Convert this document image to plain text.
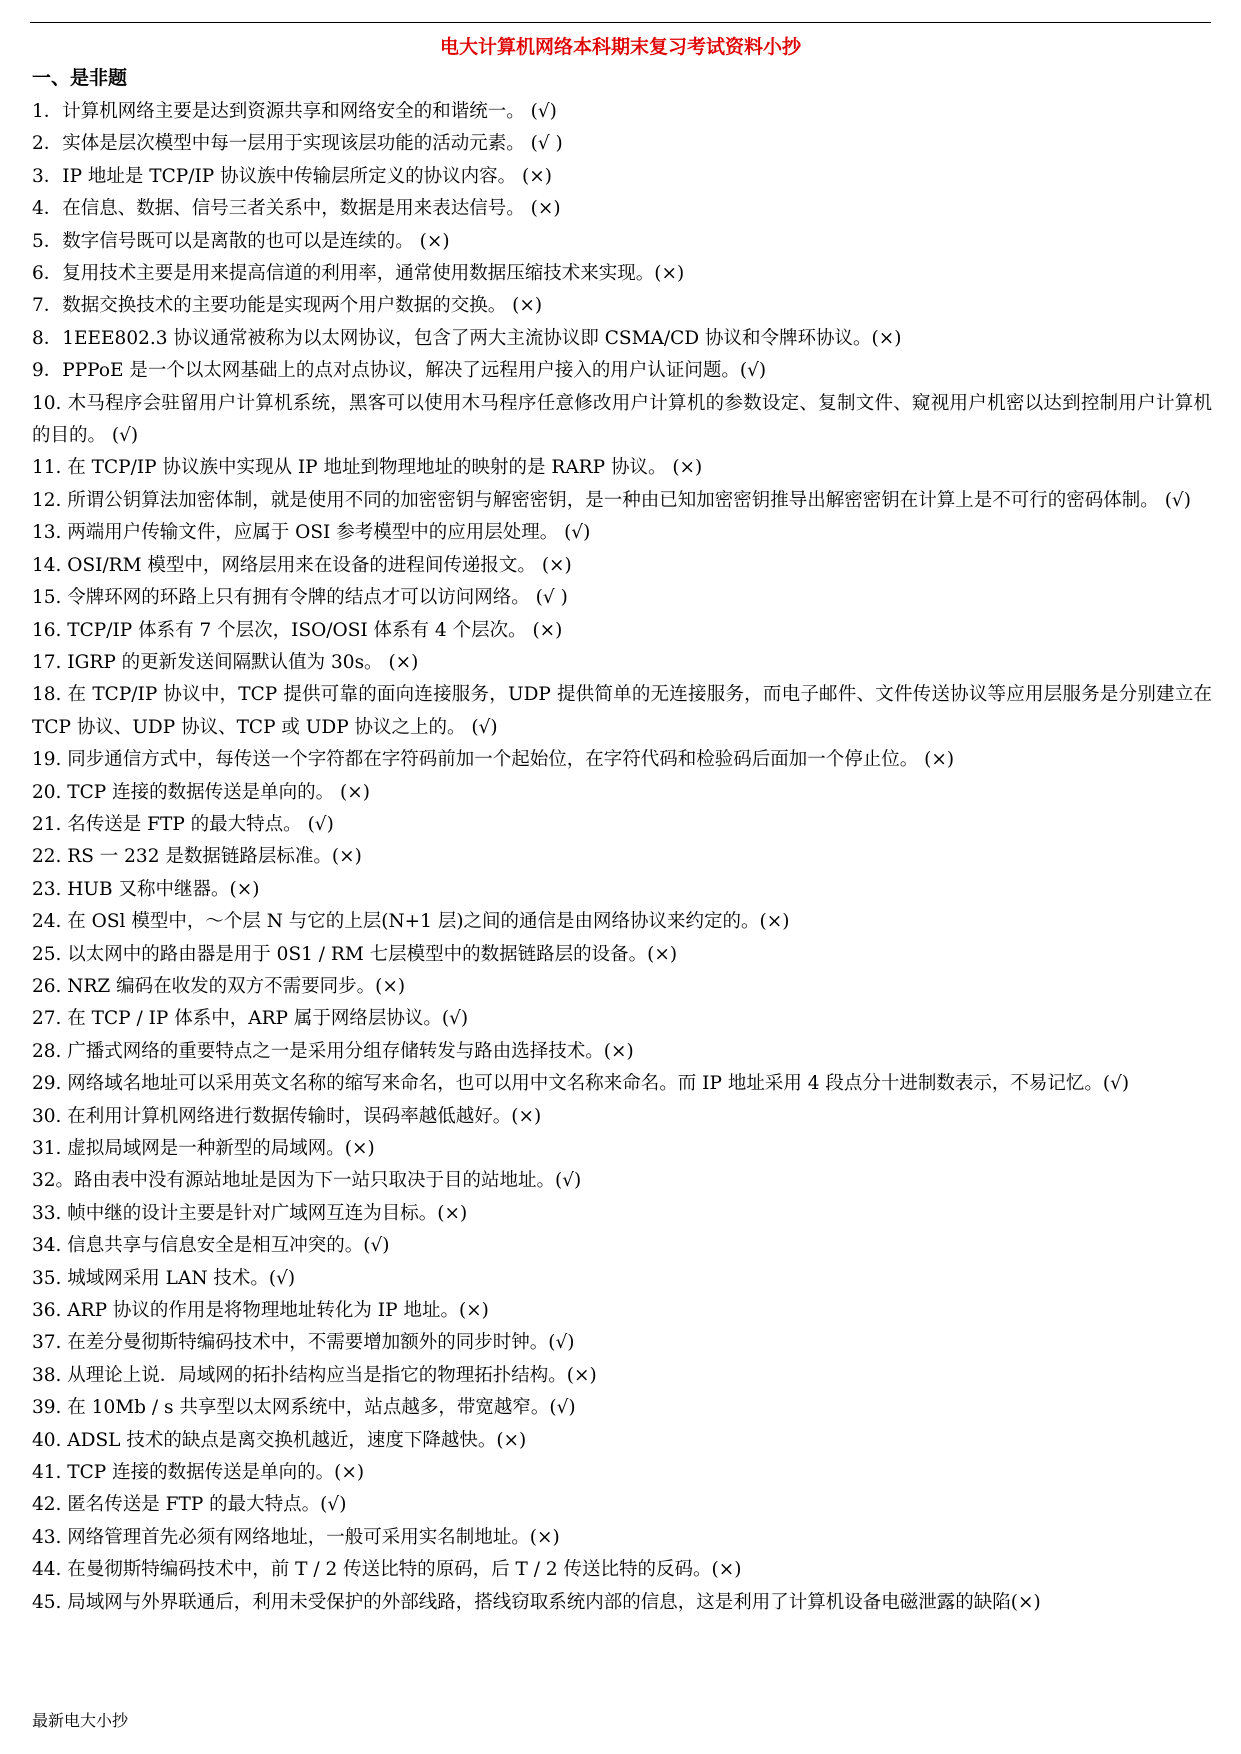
电大计算机网络本科期末复习考试资料小抄
一、是非题
1．计算机网络主要是达到资源共享和网络安全的和谐统一。 (√)
2．实体是层次模型中每一层用于实现该层功能的活动元素。 (√ )
3．IP 地址是 TCP/IP 协议族中传输层所定义的协议内容。 (×)
4．在信息、数据、信号三者关系中，数据是用来表达信号。 (×)
5．数字信号既可以是离散的也可以是连续的。 (×)
6．复用技术主要是用来提高信道的利用率，通常使用数据压缩技术来实现。(×)
7．数据交换技术的主要功能是实现两个用户数据的交换。 (×)
8．1EEE802.3 协议通常被称为以太网协议，包含了两大主流协议即 CSMA/CD 协议和令牌环协议。(×)
9．PPPoE 是一个以太网基础上的点对点协议，解决了远程用户接入的用户认证问题。(√)
10. 木马程序会驻留用户计算机系统，黑客可以使用木马程序任意修改用户计算机的参数设定、复制文件、窥视用户机密以达到控制用户计算机的目的。 (√)
11. 在 TCP/IP 协议族中实现从 IP 地址到物理地址的映射的是 RARP 协议。 (×)
12. 所谓公钥算法加密体制，就是使用不同的加密密钥与解密密钥，是一种由已知加密密钥推导出解密密钥在计算上是不可行的密码体制。 (√)
13. 两端用户传输文件，应属于 OSI 参考模型中的应用层处理。 (√)
14. OSI/RM 模型中，网络层用来在设备的进程间传递报文。 (×)
15. 令牌环网的环路上只有拥有令牌的结点才可以访问网络。 (√ )
16. TCP/IP 体系有 7 个层次，ISO/OSI 体系有 4 个层次。 (×)
17. IGRP 的更新发送间隔默认值为 30s。 (×)
18. 在 TCP/IP 协议中，TCP 提供可靠的面向连接服务，UDP 提供简单的无连接服务，而电子邮件、文件传送协议等应用层服务是分别建立在 TCP 协议、UDP 协议、TCP 或 UDP 协议之上的。 (√)
19. 同步通信方式中，每传送一个字符都在字符码前加一个起始位，在字符代码和检验码后面加一个停止位。 (×)
20. TCP 连接的数据传送是单向的。 (×)
21. 名传送是 FTP 的最大特点。 (√)
22. RS 一 232 是数据链路层标准。(×)
23. HUB 又称中继器。(×)
24. 在 OSl 模型中，～个层 N 与它的上层(N+1 层)之间的通信是由网络协议来约定的。(×)
25. 以太网中的路由器是用于 0S1 / RM 七层模型中的数据链路层的设备。(×)
26. NRZ 编码在收发的双方不需要同步。(×)
27. 在 TCP / IP 体系中，ARP 属于网络层协议。(√)
28. 广播式网络的重要特点之一是采用分组存储转发与路由选择技术。(×)
29. 网络域名地址可以采用英文名称的缩写来命名，也可以用中文名称来命名。而 IP 地址采用 4 段点分十进制数表示，不易记忆。(√)
30. 在利用计算机网络进行数据传输时，误码率越低越好。(×)
31. 虚拟局域网是一种新型的局域网。(×)
32。路由表中没有源站地址是因为下一站只取决于目的站地址。(√)
33. 帧中继的设计主要是针对广域网互连为目标。(×)
34. 信息共享与信息安全是相互冲突的。(√)
35. 城域网采用 LAN 技术。(√)
36. ARP 协议的作用是将物理地址转化为 IP 地址。(×)
37. 在差分曼彻斯特编码技术中，不需要增加额外的同步时钟。(√)
38. 从理论上说．局域网的拓扑结构应当是指它的物理拓扑结构。(×)
39. 在 10Mb / s 共享型以太网系统中，站点越多，带宽越窄。(√)
40. ADSL 技术的缺点是离交换机越近，速度下降越快。(×)
41. TCP 连接的数据传送是单向的。(×)
42. 匿名传送是 FTP 的最大特点。(√)
43. 网络管理首先必须有网络地址，一般可采用实名制地址。(×)
44. 在曼彻斯特编码技术中，前 T / 2 传送比特的原码，后 T / 2 传送比特的反码。(×)
45. 局域网与外界联通后，利用未受保护的外部线路，搭线窃取系统内部的信息，这是利用了计算机设备电磁泄露的缺陷(×)
最新电大小抄
